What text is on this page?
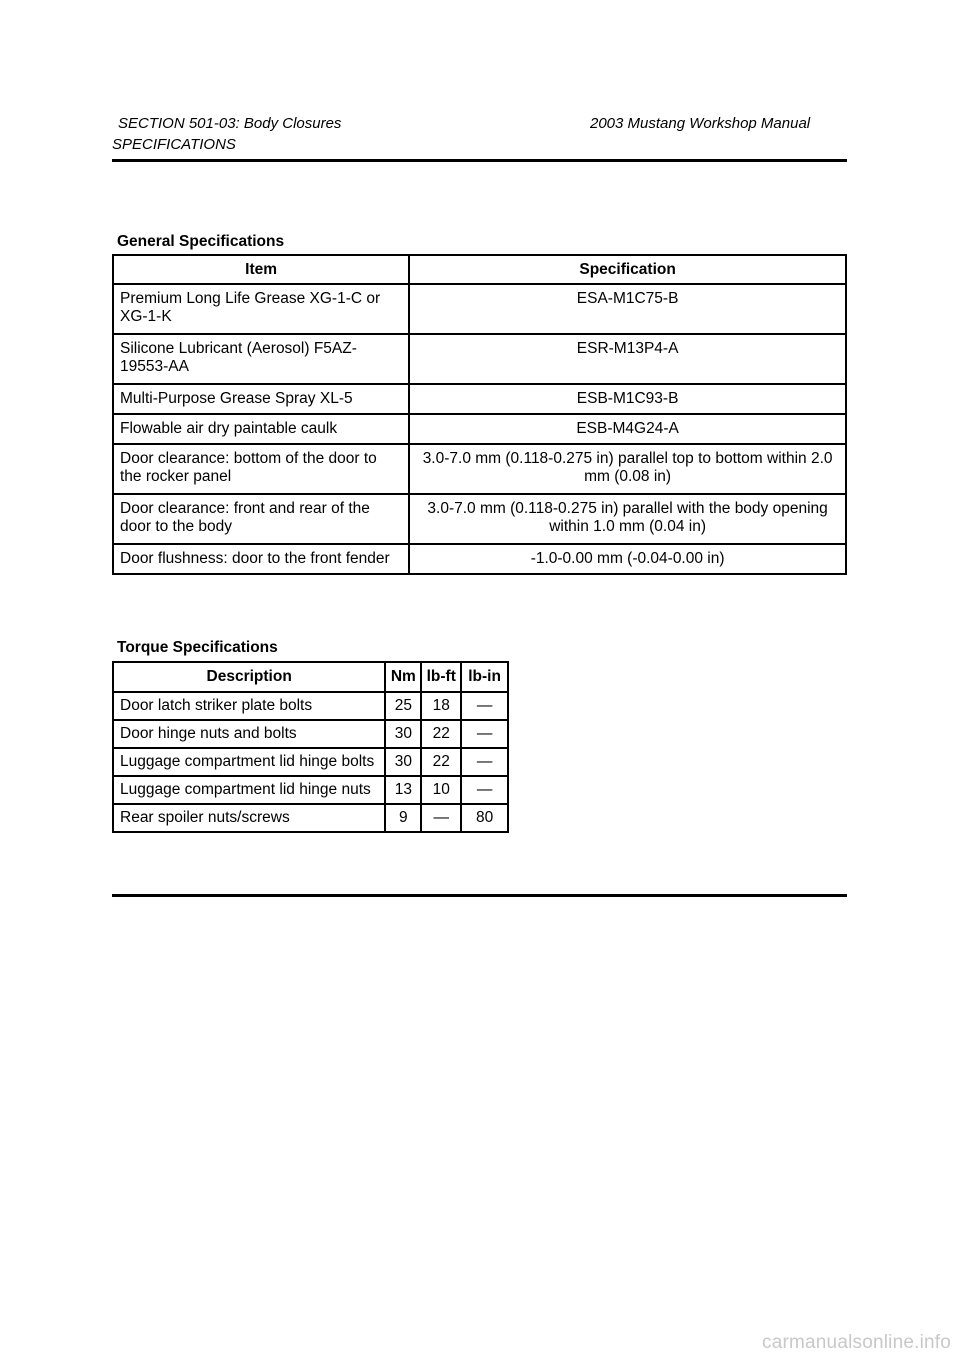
SECTION 501-03: Body Closures	2003 Mustang Workshop Manual
SPECIFICATIONS
General Specifications
Item	Specification
Premium Long Life Grease XG-1-C or XG-1-K	ESA-M1C75-B
Silicone Lubricant (Aerosol) F5AZ-19553-AA	ESR-M13P4-A
Multi-Purpose Grease Spray XL-5	ESB-M1C93-B
Flowable air dry paintable caulk	ESB-M4G24-A
Door clearance: bottom of the door to the rocker panel	3.0-7.0 mm (0.118-0.275 in) parallel top to bottom within 2.0 mm (0.08 in)
Door clearance: front and rear of the door to the body	3.0-7.0 mm (0.118-0.275 in) parallel with the body opening within 1.0 mm (0.04 in)
Door flushness: door to the front fender	-1.0-0.00 mm (-0.04-0.00 in)
Torque Specifications
Description	Nm	lb-ft	lb-in
Door latch striker plate bolts	25	18	—
Door hinge nuts and bolts	30	22	—
Luggage compartment lid hinge bolts	30	22	—
Luggage compartment lid hinge nuts	13	10	—
Rear spoiler nuts/screws	9	—	80
carmanualsonline.info
